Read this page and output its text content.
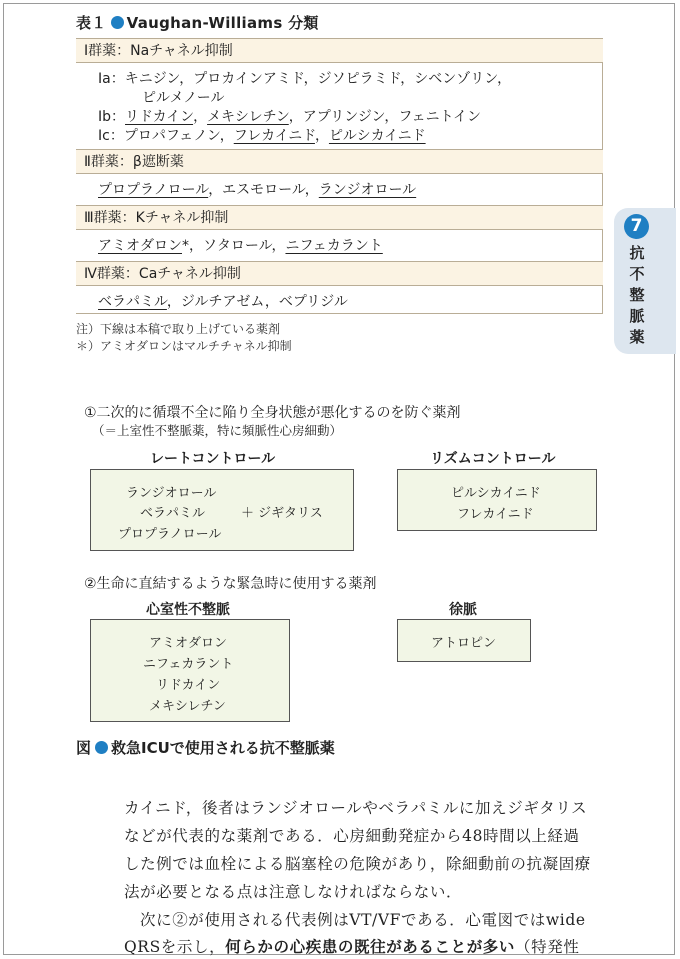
表１ Vaughan-Williams 分類
Ⅰ群薬：Naチャネル抑制
Ⅰa：キニジン，プロカインアミド，ジソピラミド，シベンゾリン，
ピルメノール
Ⅰb：リドカイン，メキシレチン，アプリンジン，フェニトイン
Ⅰc：プロパフェノン，フレカイニド，ピルシカイニド
Ⅱ群薬：β遮断薬
プロプラノロール，エスモロール，ランジオロール
Ⅲ群薬：Kチャネル抑制
アミオダロン*，ソタロール，ニフェカラント
Ⅳ群薬：Caチャネル抑制
ベラパミル，ジルチアゼム，ベプリジル
注）下線は本稿で取り上げている薬剤
＊）アミオダロンはマルチチャネル抑制
7
抗不整脈薬
①二次的に循環不全に陥り全身状態が悪化するのを防ぐ薬剤
（＝上室性不整脈薬，特に頻脈性心房細動）
レートコントロール
ランジオロール
ベラパミル	＋ ジギタリス
プロプラノロール
リズムコントロール
ピルシカイニド
フレカイニド
②生命に直結するような緊急時に使用する薬剤
心室性不整脈
アミオダロン
ニフェカラント
リドカイン
メキシレチン
徐脈
アトロピン
図 救急ICUで使用される抗不整脈薬
カイニド，後者はランジオロールやベラパミルに加えジギタリス
などが代表的な薬剤である．心房細動発症から48時間以上経過
した例では血栓による脳塞栓の危険があり，除細動前の抗凝固療
法が必要となる点は注意しなければならない．
次に②が使用される代表例はVT/VFである．心電図ではwide
QRSを示し，何らかの心疾患の既往があることが多い（特発性
